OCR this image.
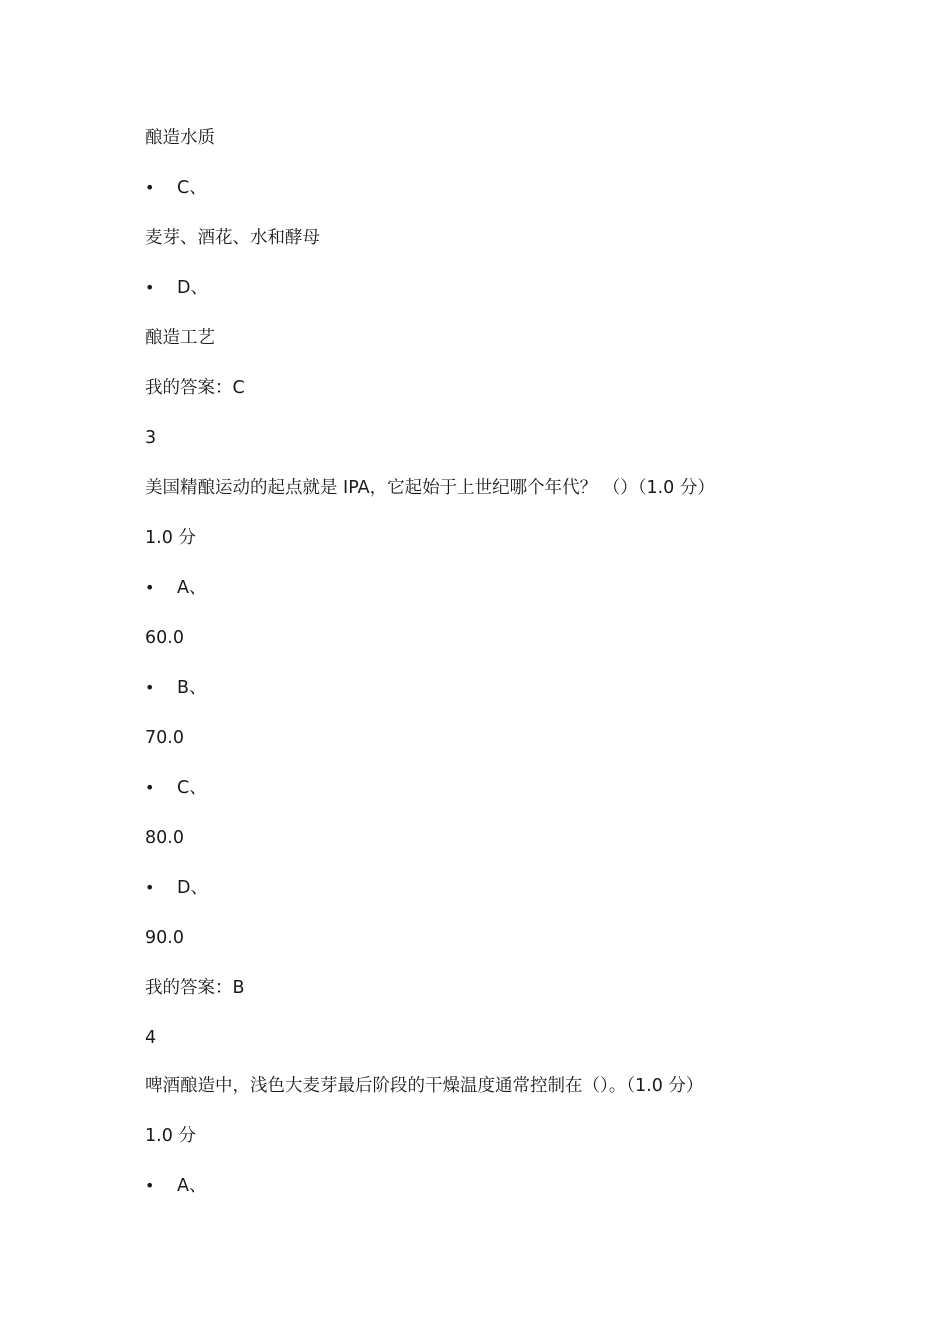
酿造水质
• C、
麦芽、酒花、水和酵母
• D、
酿造工艺
我的答案：C
3
美国精酿运动的起点就是 IPA，它起始于上世纪哪个年代？ （）（1.0 分）
1.0 分
• A、
60.0
• B、
70.0
• C、
80.0
• D、
90.0
我的答案：B
4
啤酒酿造中，浅色大麦芽最后阶段的干燥温度通常控制在（）。（1.0 分）
1.0 分
• A、
